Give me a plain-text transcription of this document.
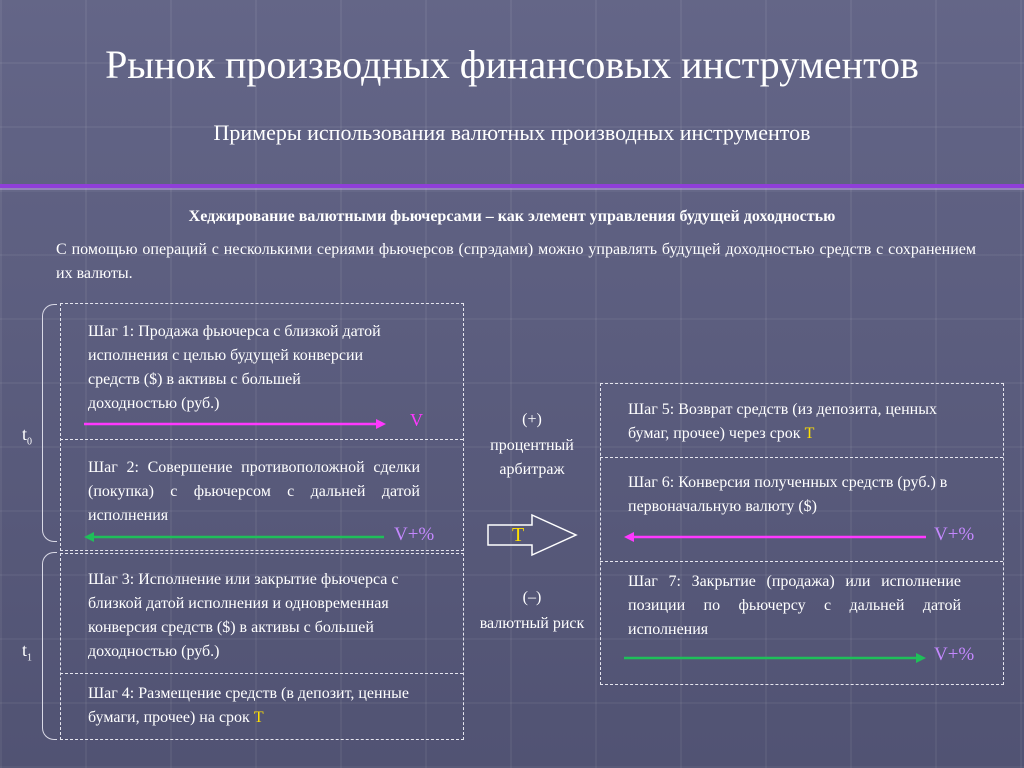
Рынок производных финансовых инструментов
Примеры использования валютных производных инструментов
Хеджирование валютными фьючерсами – как элемент управления будущей доходностью
С помощью операций с несколькими сериями фьючерсов (спрэдами) можно управлять будущей доходностью средств с сохранением их валюты.
$t_0$
$t_1$
Шаг 1: Продажа фьючерса с близкой датой исполнения с целью будущей конверсии средств ($) в активы с большей доходностью (руб.)
V
Шаг 2: Совершение противоположной сделки (покупка) с фьючерсом с дальней датой исполнения
V+%
Шаг 3: Исполнение или закрытие фьючерса с близкой датой исполнения и одновременная конверсия средств ($) в активы с большей доходностью (руб.)
Шаг 4: Размещение средств (в депозит, ценные бумаги, прочее) на срок T
(+)
процентный арбитраж
T
(–)
валютный риск
Шаг 5: Возврат средств (из депозита, ценных бумаг, прочее) через срок T
Шаг 6: Конверсия полученных средств (руб.) в первоначальную валюту ($)
V+%
Шаг 7: Закрытие (продажа) или исполнение позиции по фьючерсу с дальней датой исполнения
V+%
